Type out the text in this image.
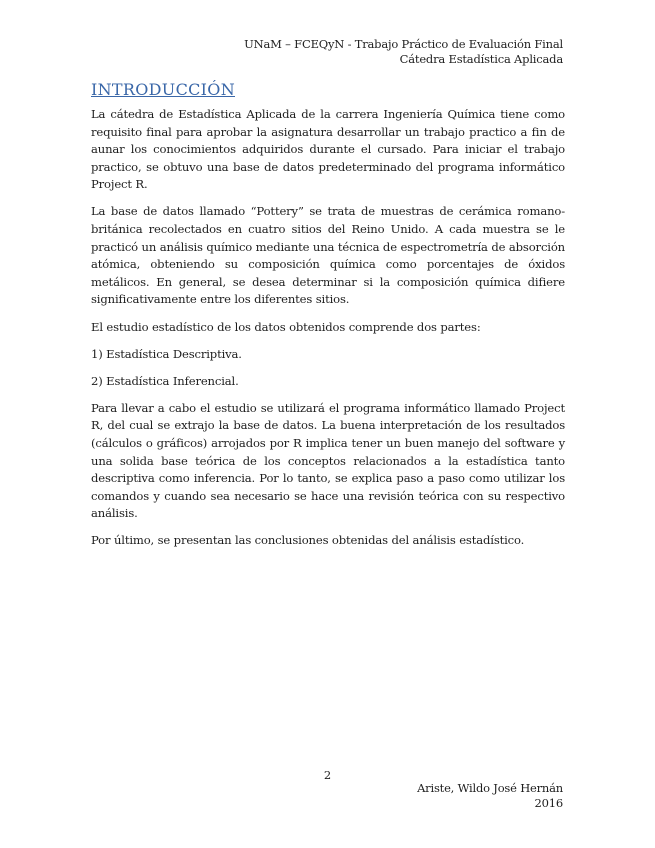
UNaM – FCEQyN - Trabajo Práctico de Evaluación Final
Cátedra Estadística Aplicada
INTRODUCCIÓN

La cátedra de Estadística Aplicada de la carrera Ingeniería Química tiene como requisito final para aprobar la asignatura desarrollar un trabajo practico a fin de aunar los conocimientos adquiridos durante el cursado. Para iniciar el trabajo practico, se obtuvo una base de datos predeterminado del programa informático Project R.

La base de datos llamado “Pottery” se trata de muestras de cerámica romano-británica recolectados en cuatro sitios del Reino Unido. A cada muestra se le practicó un análisis químico mediante una técnica de espectrometría de absorción atómica, obteniendo su composición química como porcentajes de óxidos metálicos. En general, se desea determinar si la composición química difiere significativamente entre los diferentes sitios.

El estudio estadístico de los datos obtenidos comprende dos partes:

1) Estadística Descriptiva.

2) Estadística Inferencial.

Para llevar a cabo el estudio se utilizará el programa informático llamado Project R, del cual se extrajo la base de datos. La buena interpretación de los resultados (cálculos o gráficos) arrojados por R implica tener un buen manejo del software y una solida base teórica de los conceptos relacionados a la estadística tanto descriptiva como inferencia. Por lo tanto, se explica paso a paso como utilizar los comandos y cuando sea necesario se hace una revisión teórica con su respectivo análisis.

Por último, se presentan las conclusiones obtenidas del análisis estadístico.

2
Ariste, Wildo José Hernán
2016
